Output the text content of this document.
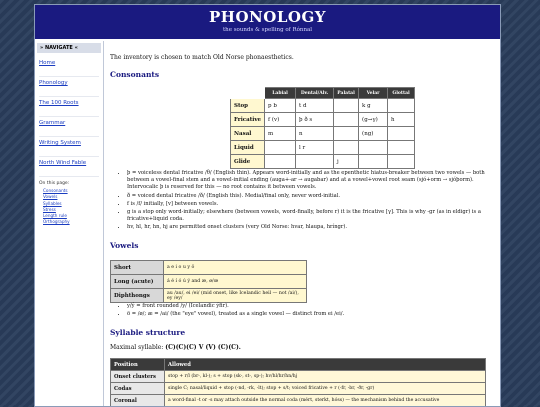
PHONOLOGY
the sounds & spelling of Rónnal
» NAVIGATE «
Home
Phonology
The 100 Roots
Grammar
Writing System
North Wind Fable
On this page:
Consonants
Vowels
Syllables
Stress
Length rule
Orthography
The inventory is chosen to match Old Norse phonaesthetics.
Consonants
	Labial	Dental/Alv.	Palatal	Velar	Glottal
Stop	p b	t d		k g	
Fricative	f (v)	þ ð s		(g→γ)	h
Nasal	m	n		(ng)	
Liquid		l r			
Glide			j		
• þ = voiceless dental fricative /θ/ (English thin). Appears word-initially and as the epenthetic hiatus-breaker between two vowels — both between a vowel-final stem and a vowel-initial ending (auga+-ar → augabar) and at a vowel+vowel root seam (sjó+orm → sjóþorm). Intervocalic þ is reserved for this — no root contains it between vowels.
• ð = voiced dental fricative /ð/ (English this). Medial/final only, never word-initial.
• f is /f/ initially, [v] between vowels.
• g is a stop only word-initially; elsewhere (between vowels, word-finally, before r) it is the fricative [γ]. This is why -gr (as in eldigr) is a fricative+liquid coda.
• hv, hl, hr, hn, hj are permitted onset clusters (very Old Norse: hvar, hlaupa, hríngr).
Vowels
Short	a e i o u y ö
Long (acute)	á é í ó ú ý and æ, ø/œ
Diphthongs	au /au/, ei /ei/ (mid onset, like Icelandic heil — not /ai/), ey /ey/
• y/ý = front rounded /y/ (Icelandic ýfir).
• ö = /ø/; æ = /ai/ (the "eye" vowel), treated as a single vowel — distinct from ei /ei/.
Syllable structure
Maximal syllable: (C)(C)(C) V (V) (C)(C).
Position	Allowed
Onset clusters	stop + r/l (br-, kl-); s + stop (sk-, st-, sp-); hv/hl/hr/hn/hj
Codas	single C; nasal/liquid + stop (-nd, -rk, -lt); stop + s/t; voiced fricative + r (-fr, -br, -ðr, -gr)
Coronal	a word-final -t or -s may attach outside the normal coda (mért, sterkt, hóss) — the mechanism behind the accusative
